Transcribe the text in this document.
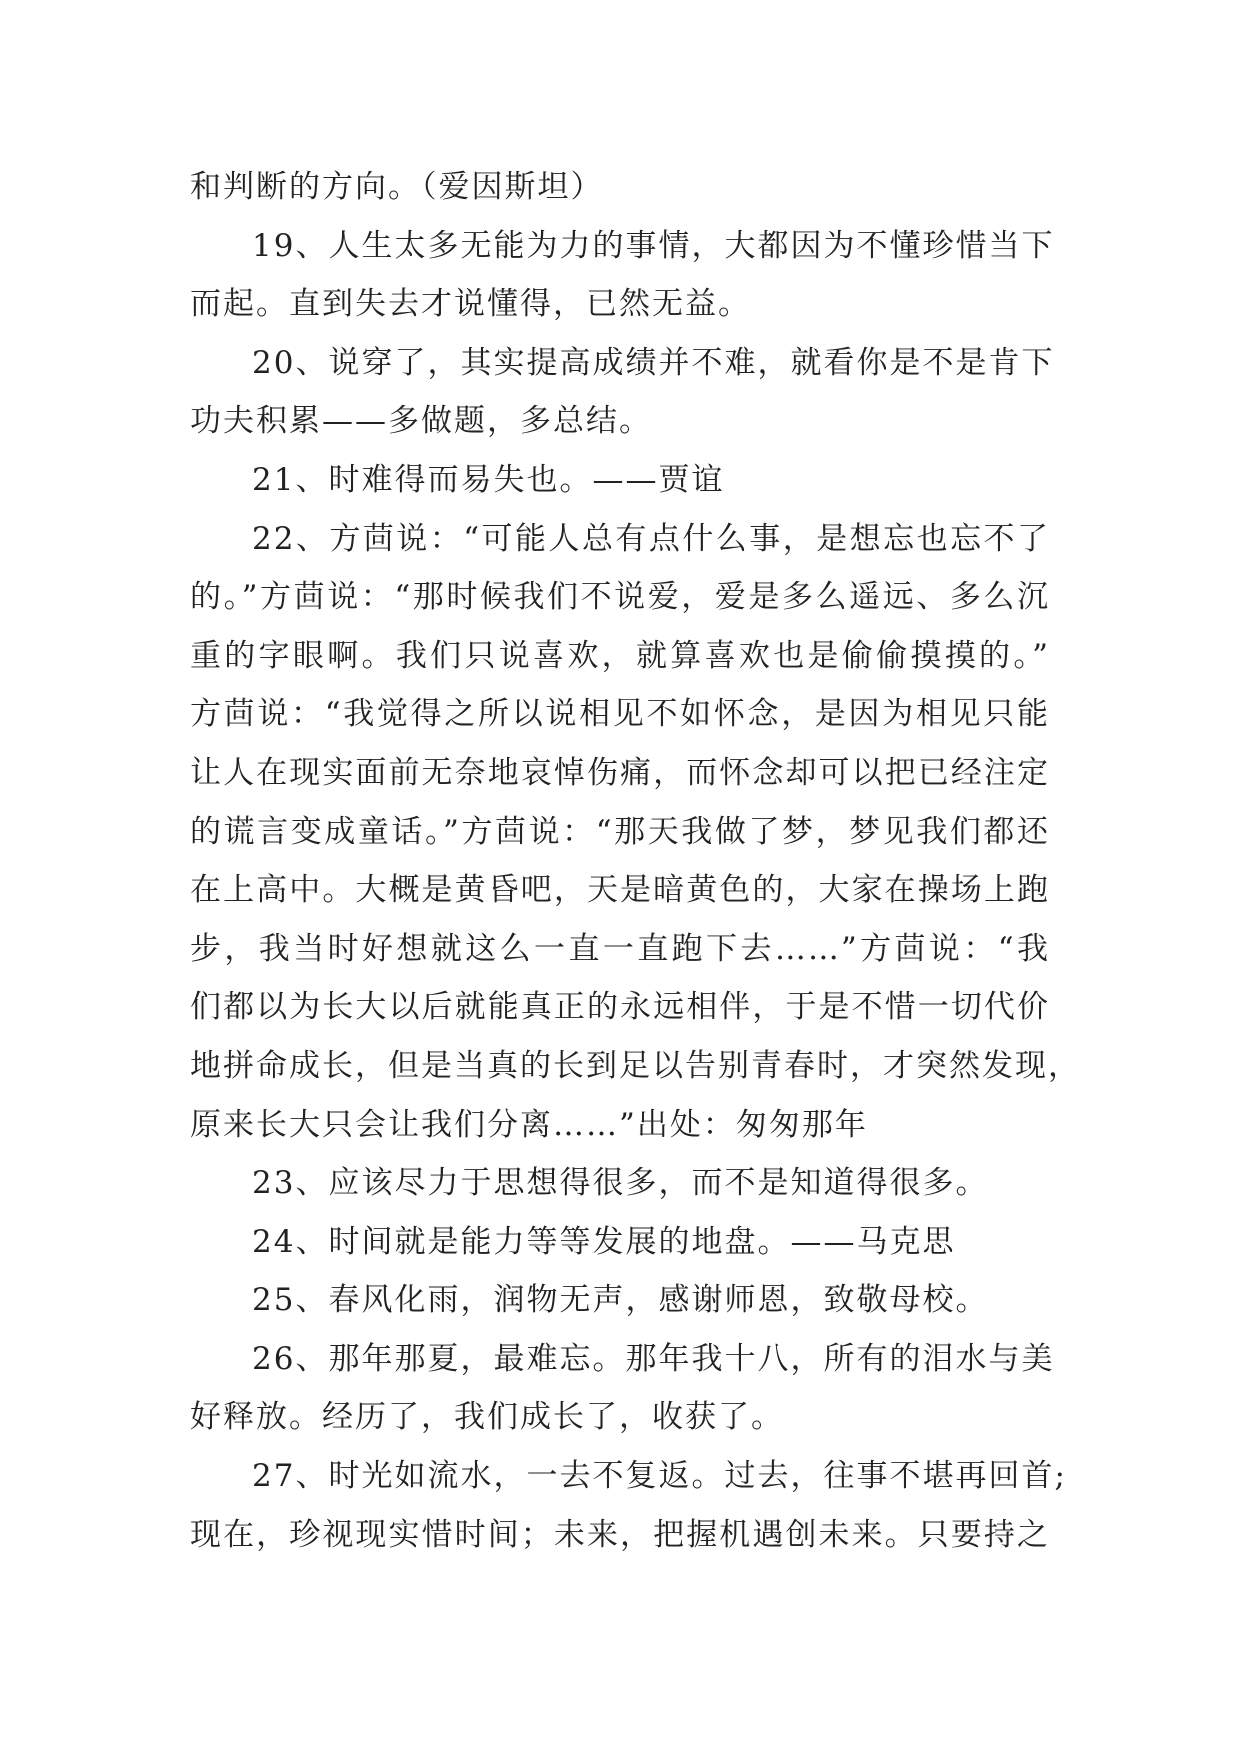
和判断的方向。（爱因斯坦）
19、人生太多无能为力的事情，大都因为不懂珍惜当下
而起。直到失去才说懂得，已然无益。
20、说穿了，其实提高成绩并不难，就看你是不是肯下
功夫积累——多做题，多总结。
21、时难得而易失也。——贾谊
22、方茴说：“可能人总有点什么事，是想忘也忘不了
的。”方茴说：“那时候我们不说爱，爱是多么遥远、多么沉
重的字眼啊。我们只说喜欢，就算喜欢也是偷偷摸摸的。”
方茴说：“我觉得之所以说相见不如怀念，是因为相见只能
让人在现实面前无奈地哀悼伤痛，而怀念却可以把已经注定
的谎言变成童话。”方茴说：“那天我做了梦，梦见我们都还
在上高中。大概是黄昏吧，天是暗黄色的，大家在操场上跑
步，我当时好想就这么一直一直跑下去……”方茴说：“我
们都以为长大以后就能真正的永远相伴，于是不惜一切代价
地拼命成长，但是当真的长到足以告别青春时，才突然发现，
原来长大只会让我们分离……”出处：匆匆那年
23、应该尽力于思想得很多，而不是知道得很多。
24、时间就是能力等等发展的地盘。——马克思
25、春风化雨，润物无声，感谢师恩，致敬母校。
26、那年那夏，最难忘。那年我十八，所有的泪水与美
好释放。经历了，我们成长了，收获了。
27、时光如流水，一去不复返。过去，往事不堪再回首;
现在，珍视现实惜时间；未来，把握机遇创未来。只要持之
